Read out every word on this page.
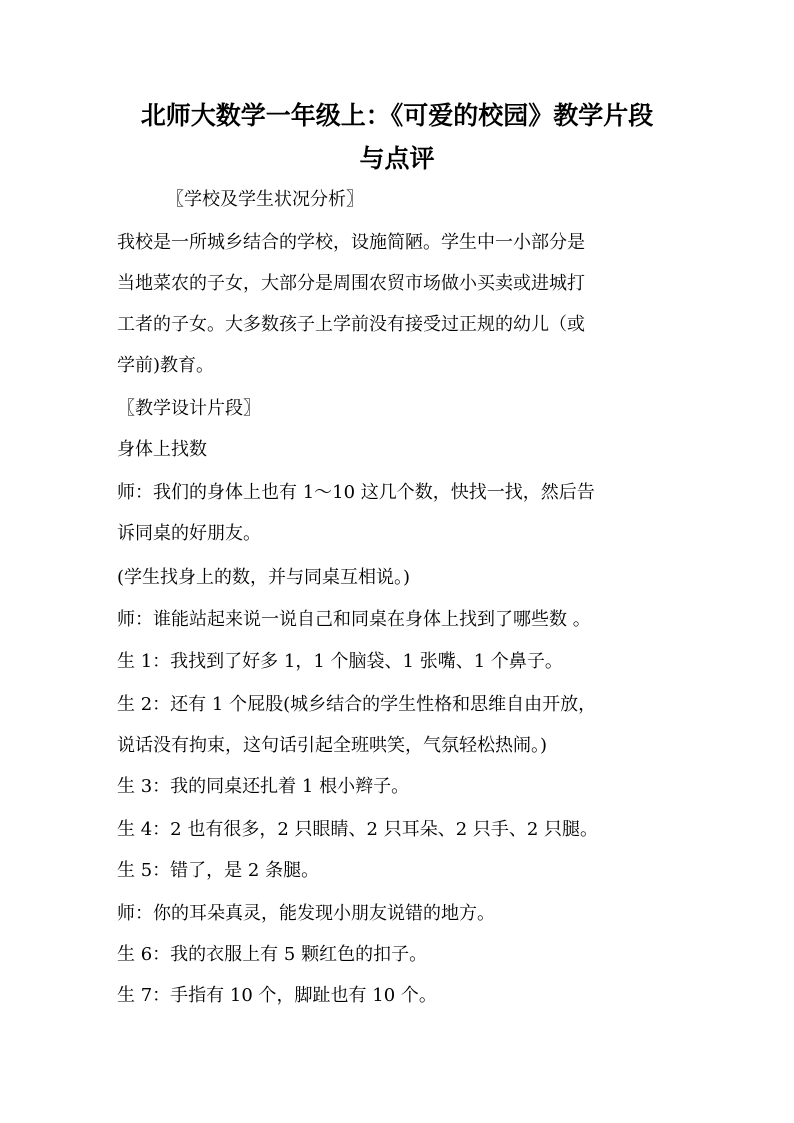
北师大数学一年级上：《可爱的校园》教学片段
与点评
〖学校及学生状况分析〗
我校是一所城乡结合的学校，设施简陋。学生中一小部分是
当地菜农的子女，大部分是周围农贸市场做小买卖或进城打
工者的子女。大多数孩子上学前没有接受过正规的幼儿（或
学前)教育。
〖教学设计片段〗
身体上找数
师：我们的身体上也有 1～10 这几个数，快找一找，然后告
诉同桌的好朋友。
(学生找身上的数，并与同桌互相说。)
师：谁能站起来说一说自己和同桌在身体上找到了哪些数 。
生 1：我找到了好多 1，1 个脑袋、1 张嘴、1 个鼻子。
生 2：还有 1 个屁股(城乡结合的学生性格和思维自由开放，
说话没有拘束，这句话引起全班哄笑，气氛轻松热闹。)
生 3：我的同桌还扎着 1 根小辫子。
生 4：2 也有很多，2 只眼睛、2 只耳朵、2 只手、2 只腿。
生 5：错了，是 2 条腿。
师：你的耳朵真灵，能发现小朋友说错的地方。
生 6：我的衣服上有 5 颗红色的扣子。
生 7：手指有 10 个，脚趾也有 10 个。
